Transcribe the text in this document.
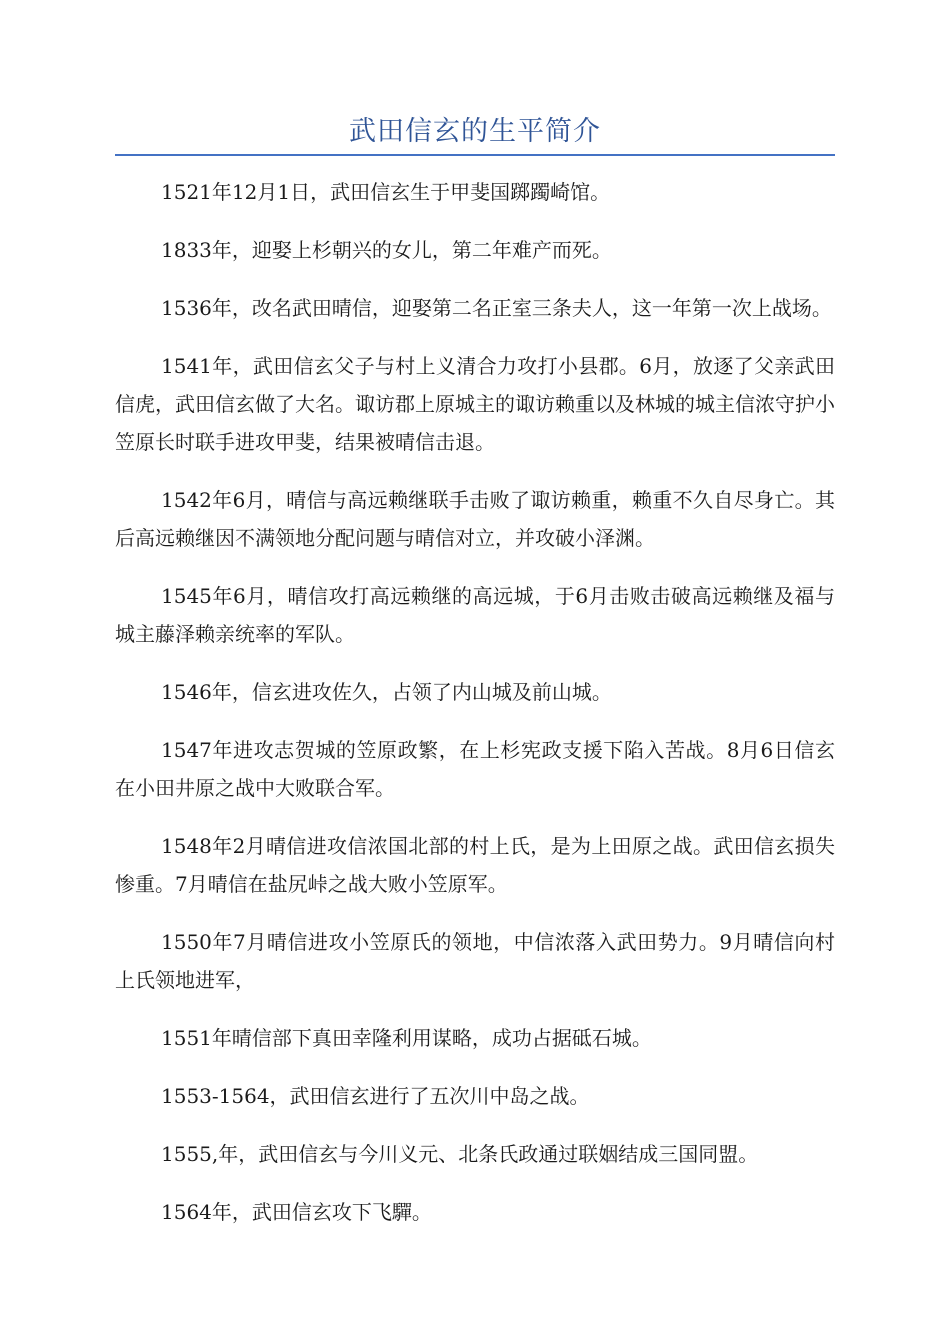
武田信玄的生平简介

1521年12月1日，武田信玄生于甲斐国踯躅崎馆。

1833年，迎娶上杉朝兴的女儿，第二年难产而死。

1536年，改名武田晴信，迎娶第二名正室三条夫人，这一年第一次上战场。

1541年，武田信玄父子与村上义清合力攻打小县郡。6月，放逐了父亲武田信虎，武田信玄做了大名。诹访郡上原城主的诹访赖重以及林城的城主信浓守护小笠原长时联手进攻甲斐，结果被晴信击退。

1542年6月，晴信与高远赖继联手击败了诹访赖重，赖重不久自尽身亡。其后高远赖继因不满领地分配问题与晴信对立，并攻破小泽渊。

1545年6月，晴信攻打高远赖继的高远城，于6月击败击破高远赖继及福与城主藤泽赖亲统率的军队。

1546年，信玄进攻佐久，占领了内山城及前山城。

1547年进攻志贺城的笠原政繁，在上杉宪政支援下陷入苦战。8月6日信玄在小田井原之战中大败联合军。

1548年2月晴信进攻信浓国北部的村上氏，是为上田原之战。武田信玄损失惨重。7月晴信在盐尻峠之战大败小笠原军。

1550年7月晴信进攻小笠原氏的领地，中信浓落入武田势力。9月晴信向村上氏领地进军，

1551年晴信部下真田幸隆利用谋略，成功占据砥石城。

1553-1564，武田信玄进行了五次川中岛之战。

1555,年，武田信玄与今川义元、北条氏政通过联姻结成三国同盟。

1564年，武田信玄攻下飞驒。
